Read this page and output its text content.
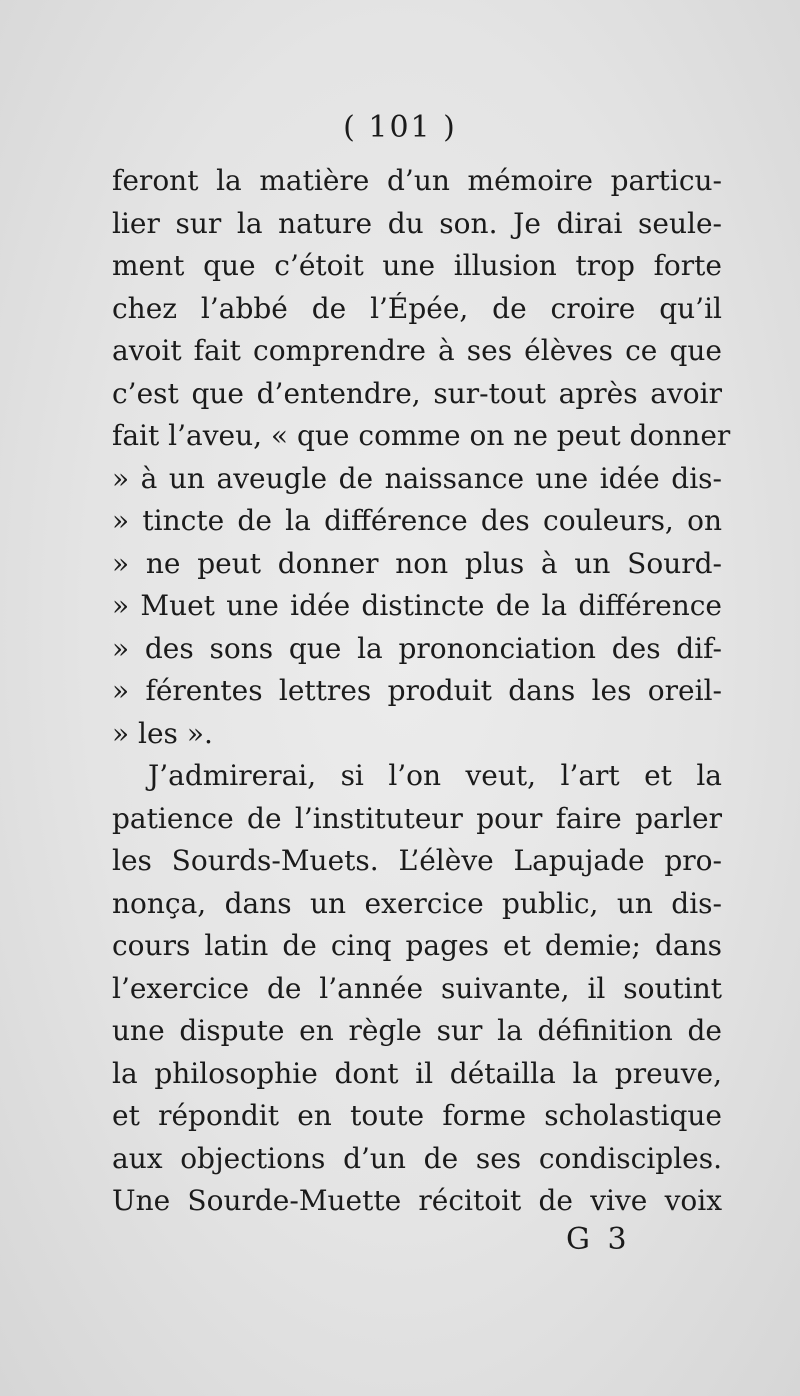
( 101 )
feront la matière d’un mémoire particu-
lier sur la nature du son. Je dirai seule-
ment que c’étoit une illusion trop forte
chez l’abbé de l’Épée, de croire qu’il
avoit fait comprendre à ses élèves ce que
c’est que d’entendre, sur-tout après avoir
fait l’aveu, « que comme on ne peut donner
» à un aveugle de naissance une idée dis-
» tincte de la différence des couleurs, on
» ne peut donner non plus à un Sourd-
» Muet une idée distincte de la différence
» des sons que la prononciation des dif-
» férentes lettres produit dans les oreil-
» les ».
J’admirerai, si l’on veut, l’art et la
patience de l’instituteur pour faire parler
les Sourds-Muets. L’élève Lapujade pro-
nonça, dans un exercice public, un dis-
cours latin de cinq pages et demie; dans
l’exercice de l’année suivante, il soutint
une dispute en règle sur la définition de
la philosophie dont il détailla la preuve,
et répondit en toute forme scholastique
aux objections d’un de ses condisciples.
Une Sourde-Muette récitoit de vive voix
G 3
